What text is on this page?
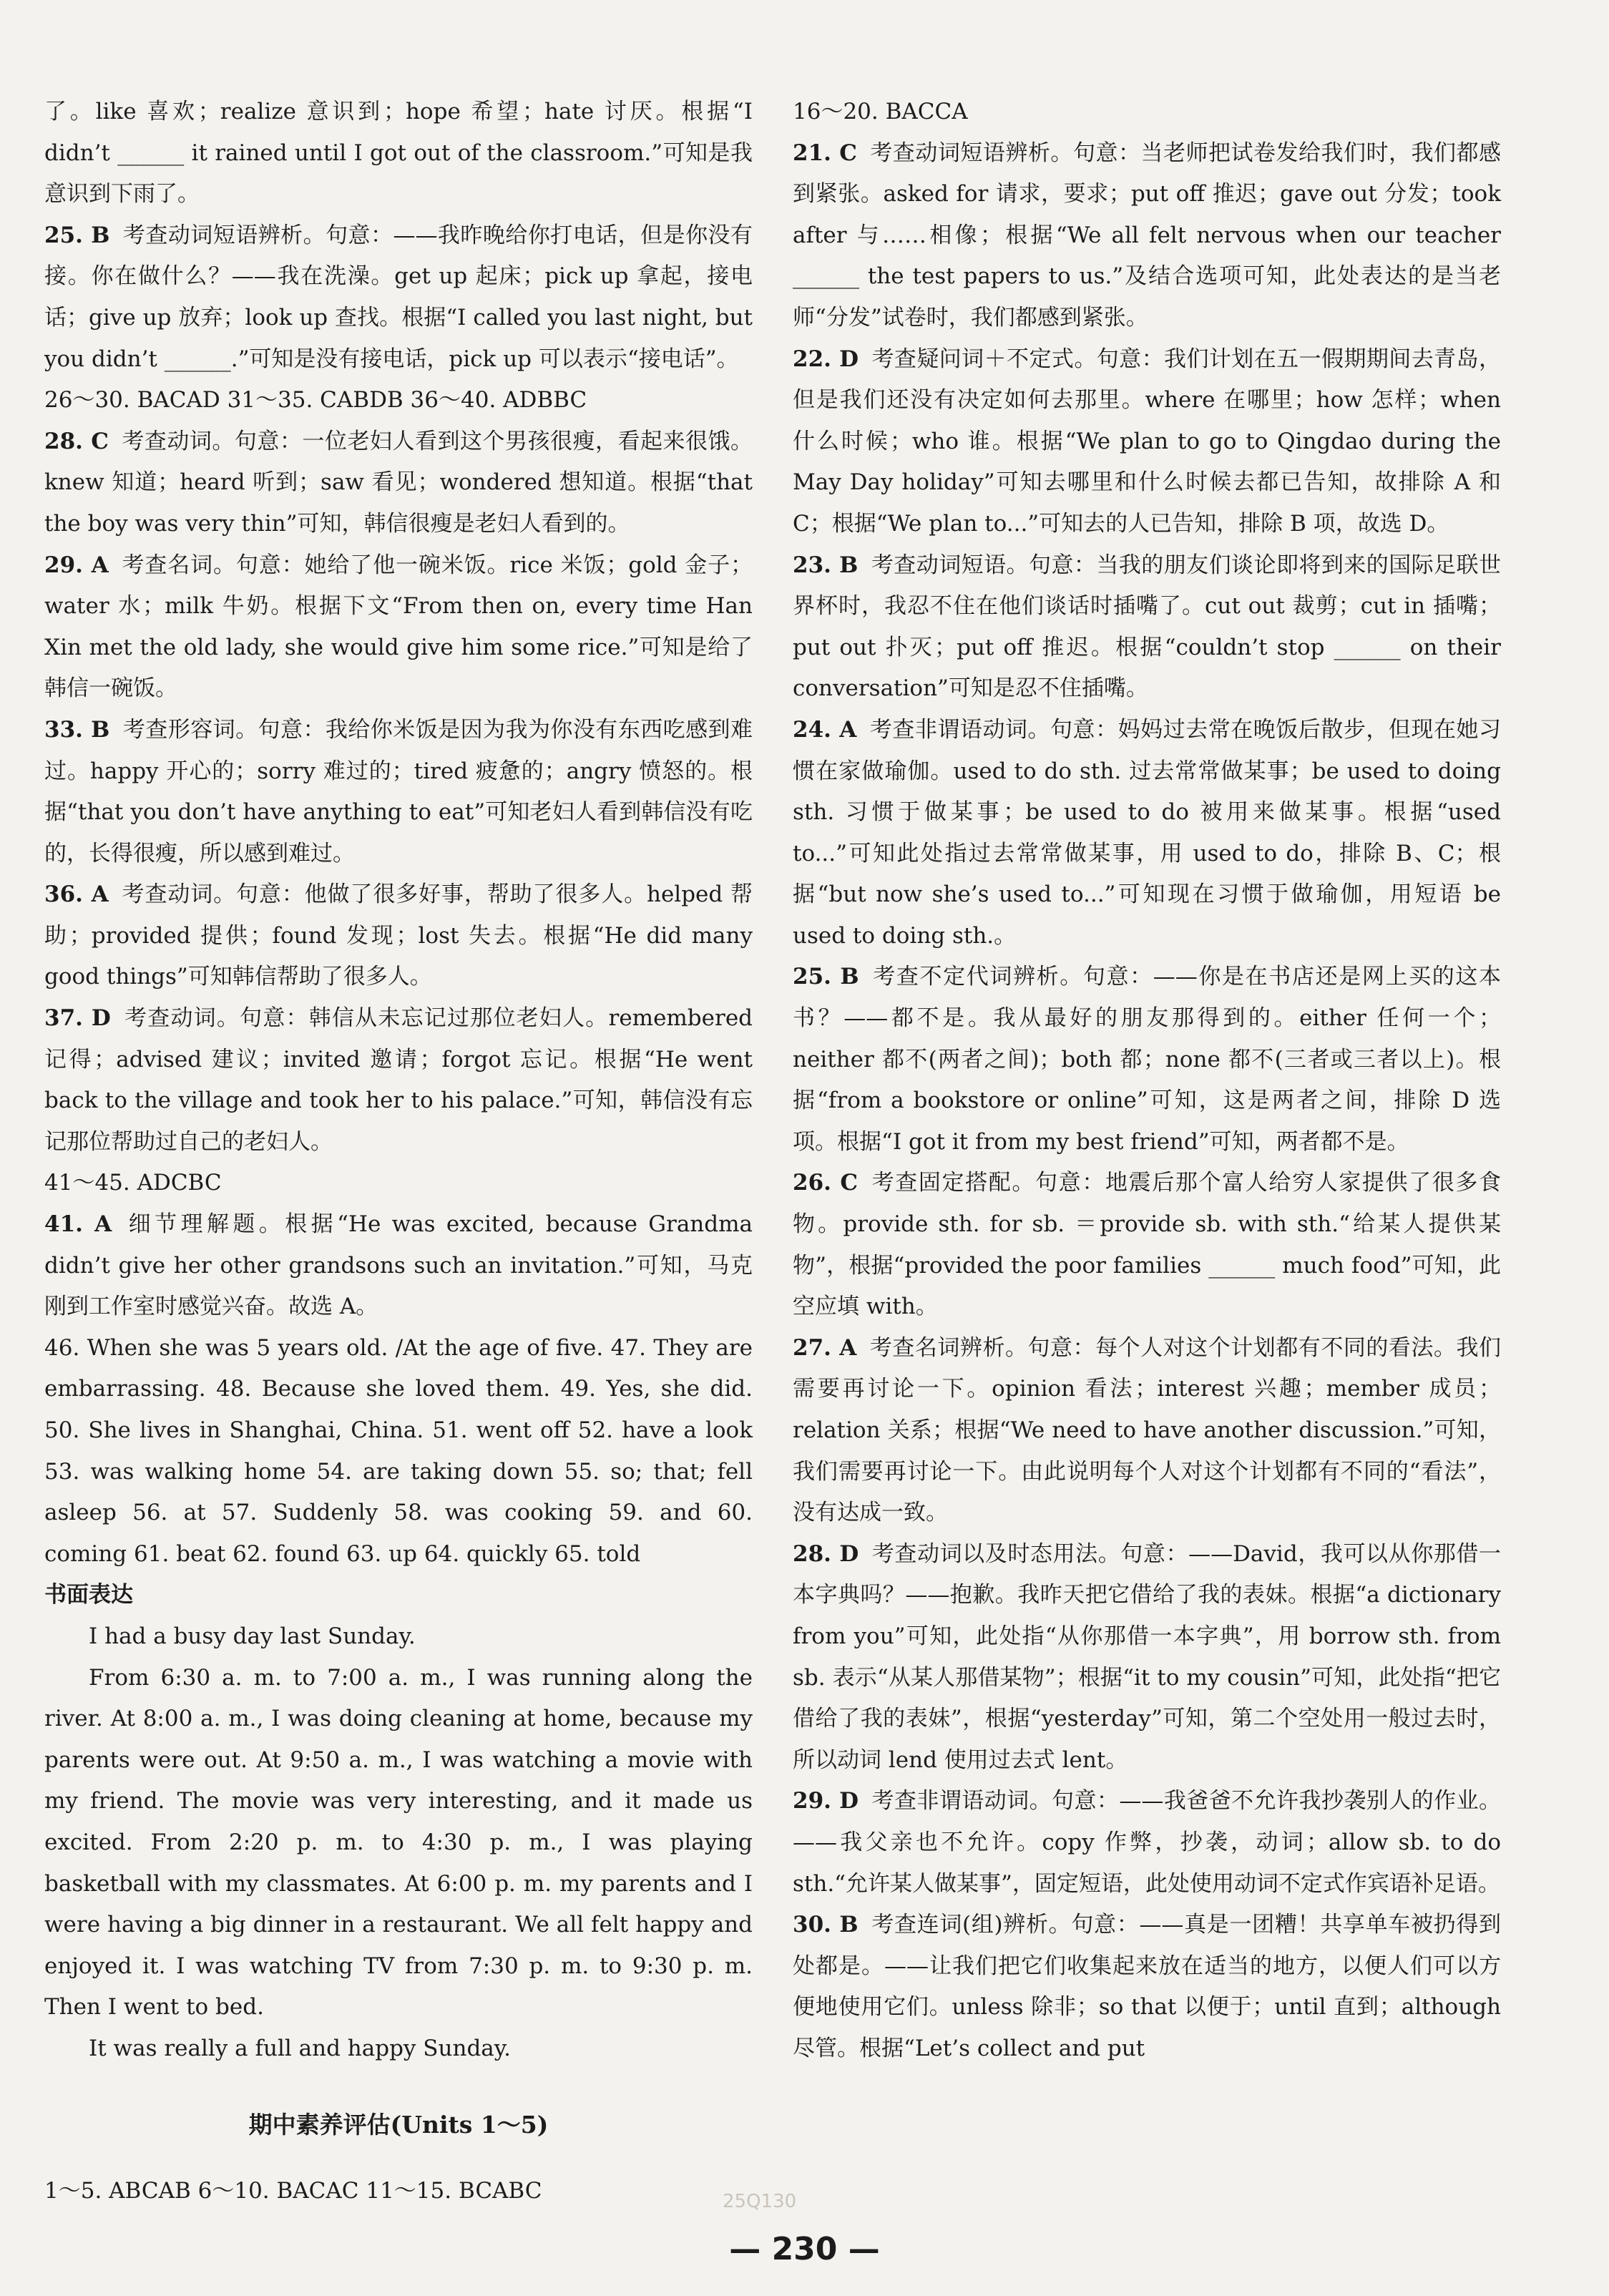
了。like 喜欢；realize 意识到；hope 希望；hate 讨厌。根据“I didn’t ______ it rained until I got out of the classroom.”可知是我意识到下雨了。

25. B 考查动词短语辨析。句意：——我昨晚给你打电话，但是你没有接。你在做什么？——我在洗澡。get up 起床；pick up 拿起，接电话；give up 放弃；look up 查找。根据“I called you last night, but you didn’t ______.”可知是没有接电话，pick up 可以表示“接电话”。

26～30. BACAD 31～35. CABDB 36～40. ADBBC

28. C 考查动词。句意：一位老妇人看到这个男孩很瘦，看起来很饿。knew 知道；heard 听到；saw 看见；wondered 想知道。根据“that the boy was very thin”可知，韩信很瘦是老妇人看到的。

29. A 考查名词。句意：她给了他一碗米饭。rice 米饭；gold 金子；water 水；milk 牛奶。根据下文“From then on, every time Han Xin met the old lady, she would give him some rice.”可知是给了韩信一碗饭。

33. B 考查形容词。句意：我给你米饭是因为我为你没有东西吃感到难过。happy 开心的；sorry 难过的；tired 疲惫的；angry 愤怒的。根据“that you don’t have anything to eat”可知老妇人看到韩信没有吃的，长得很瘦，所以感到难过。

36. A 考查动词。句意：他做了很多好事，帮助了很多人。helped 帮助；provided 提供；found 发现；lost 失去。根据“He did many good things”可知韩信帮助了很多人。

37. D 考查动词。句意：韩信从未忘记过那位老妇人。remembered 记得；advised 建议；invited 邀请；forgot 忘记。根据“He went back to the village and took her to his palace.”可知，韩信没有忘记那位帮助过自己的老妇人。

41～45. ADCBC

41. A 细节理解题。根据“He was excited, because Grandma didn’t give her other grandsons such an invitation.”可知，马克刚到工作室时感觉兴奋。故选 A。

46. When she was 5 years old. /At the age of five. 47. They are embarrassing. 48. Because she loved them. 49. Yes, she did. 50. She lives in Shanghai, China. 51. went off 52. have a look 53. was walking home 54. are taking down 55. so; that; fell asleep 56. at 57. Suddenly 58. was cooking 59. and 60. coming 61. beat 62. found 63. up 64. quickly 65. told

书面表达

I had a busy day last Sunday.

From 6:30 a. m. to 7:00 a. m., I was running along the river. At 8:00 a. m., I was doing cleaning at home, because my parents were out. At 9:50 a. m., I was watching a movie with my friend. The movie was very interesting, and it made us excited. From 2:20 p. m. to 4:30 p. m., I was playing basketball with my classmates. At 6:00 p. m. my parents and I were having a big dinner in a restaurant. We all felt happy and enjoyed it. I was watching TV from 7:30 p. m. to 9:30 p. m. Then I went to bed.

It was really a full and happy Sunday.

期中素养评估(Units 1～5)

1～5. ABCAB 6～10. BACAC 11～15. BCABC

16～20. BACCA

21. C 考查动词短语辨析。句意：当老师把试卷发给我们时，我们都感到紧张。asked for 请求，要求；put off 推迟；gave out 分发；took after 与……相像；根据“We all felt nervous when our teacher ______ the test papers to us.”及结合选项可知，此处表达的是当老师“分发”试卷时，我们都感到紧张。

22. D 考查疑问词＋不定式。句意：我们计划在五一假期期间去青岛，但是我们还没有决定如何去那里。where 在哪里；how 怎样；when 什么时候；who 谁。根据“We plan to go to Qingdao during the May Day holiday”可知去哪里和什么时候去都已告知，故排除 A 和 C；根据“We plan to...”可知去的人已告知，排除 B 项，故选 D。

23. B 考查动词短语。句意：当我的朋友们谈论即将到来的国际足联世界杯时，我忍不住在他们谈话时插嘴了。cut out 裁剪；cut in 插嘴；put out 扑灭；put off 推迟。根据“couldn’t stop ______ on their conversation”可知是忍不住插嘴。

24. A 考查非谓语动词。句意：妈妈过去常在晚饭后散步，但现在她习惯在家做瑜伽。used to do sth. 过去常常做某事；be used to doing sth. 习惯于做某事；be used to do 被用来做某事。根据“used to...”可知此处指过去常常做某事，用 used to do，排除 B、C；根据“but now she’s used to...”可知现在习惯于做瑜伽，用短语 be used to doing sth.。

25. B 考查不定代词辨析。句意：——你是在书店还是网上买的这本书？——都不是。我从最好的朋友那得到的。either 任何一个；neither 都不(两者之间)；both 都；none 都不(三者或三者以上)。根据“from a bookstore or online”可知，这是两者之间，排除 D 选项。根据“I got it from my best friend”可知，两者都不是。

26. C 考查固定搭配。句意：地震后那个富人给穷人家提供了很多食物。provide sth. for sb. ＝provide sb. with sth.“给某人提供某物”，根据“provided the poor families ______ much food”可知，此空应填 with。

27. A 考查名词辨析。句意：每个人对这个计划都有不同的看法。我们需要再讨论一下。opinion 看法；interest 兴趣；member 成员；relation 关系；根据“We need to have another discussion.”可知，我们需要再讨论一下。由此说明每个人对这个计划都有不同的“看法”，没有达成一致。

28. D 考查动词以及时态用法。句意：——David，我可以从你那借一本字典吗？——抱歉。我昨天把它借给了我的表妹。根据“a dictionary from you”可知，此处指“从你那借一本字典”，用 borrow sth. from sb. 表示“从某人那借某物”；根据“it to my cousin”可知，此处指“把它借给了我的表妹”，根据“yesterday”可知，第二个空处用一般过去时，所以动词 lend 使用过去式 lent。

29. D 考查非谓语动词。句意：——我爸爸不允许我抄袭别人的作业。——我父亲也不允许。copy 作弊，抄袭，动词；allow sb. to do sth.“允许某人做某事”，固定短语，此处使用动词不定式作宾语补足语。

30. B 考查连词(组)辨析。句意：——真是一团糟！共享单车被扔得到处都是。——让我们把它们收集起来放在适当的地方，以便人们可以方便地使用它们。unless 除非；so that 以便于；until 直到；although 尽管。根据“Let’s collect and put

25Q130
— 230 —
